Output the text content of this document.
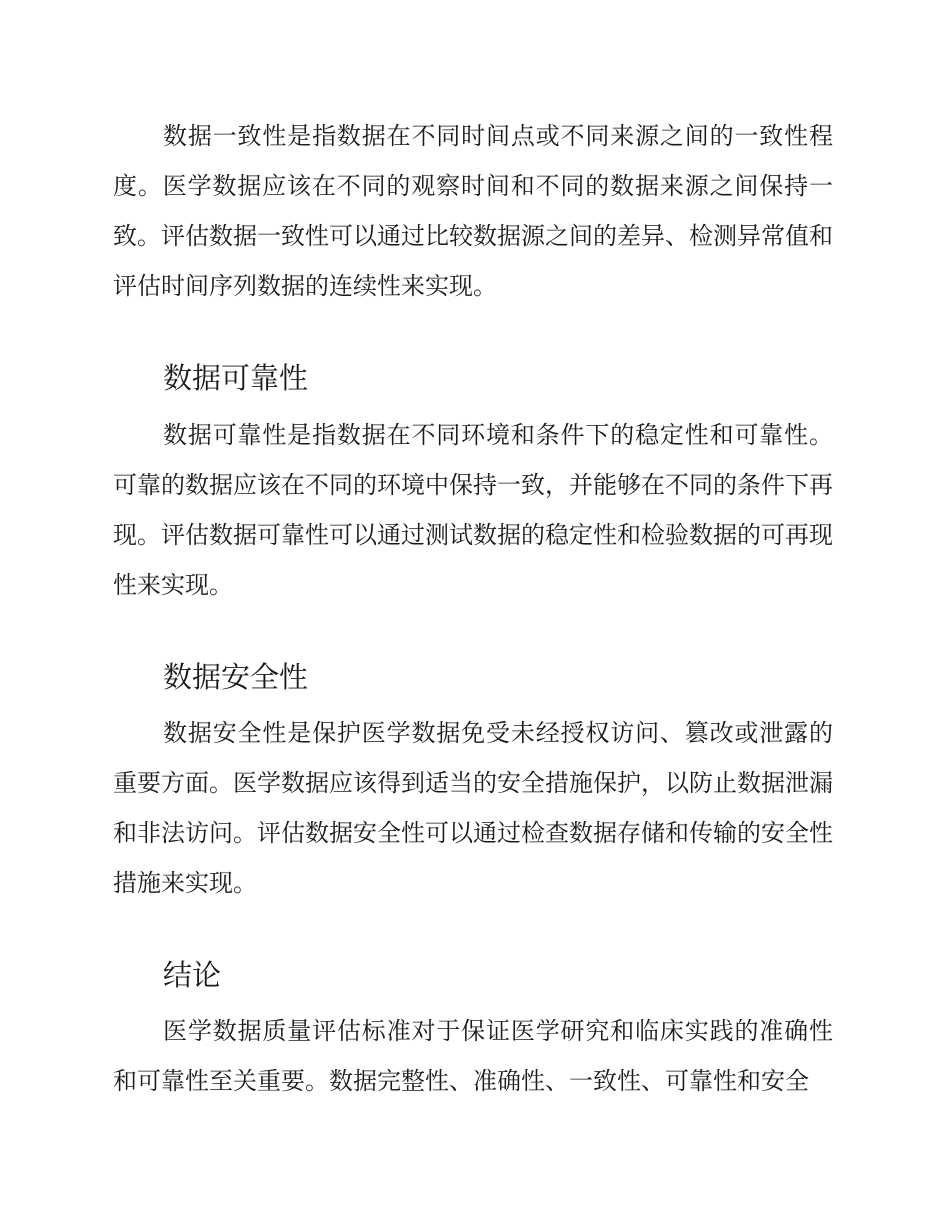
数据一致性是指数据在不同时间点或不同来源之间的一致性程度。医学数据应该在不同的观察时间和不同的数据来源之间保持一致。评估数据一致性可以通过比较数据源之间的差异、检测异常值和评估时间序列数据的连续性来实现。

数据可靠性

数据可靠性是指数据在不同环境和条件下的稳定性和可靠性。可靠的数据应该在不同的环境中保持一致，并能够在不同的条件下再现。评估数据可靠性可以通过测试数据的稳定性和检验数据的可再现性来实现。

数据安全性

数据安全性是保护医学数据免受未经授权访问、篡改或泄露的重要方面。医学数据应该得到适当的安全措施保护，以防止数据泄漏和非法访问。评估数据安全性可以通过检查数据存储和传输的安全性措施来实现。

结论

医学数据质量评估标准对于保证医学研究和临床实践的准确性和可靠性至关重要。数据完整性、准确性、一致性、可靠性和安全
